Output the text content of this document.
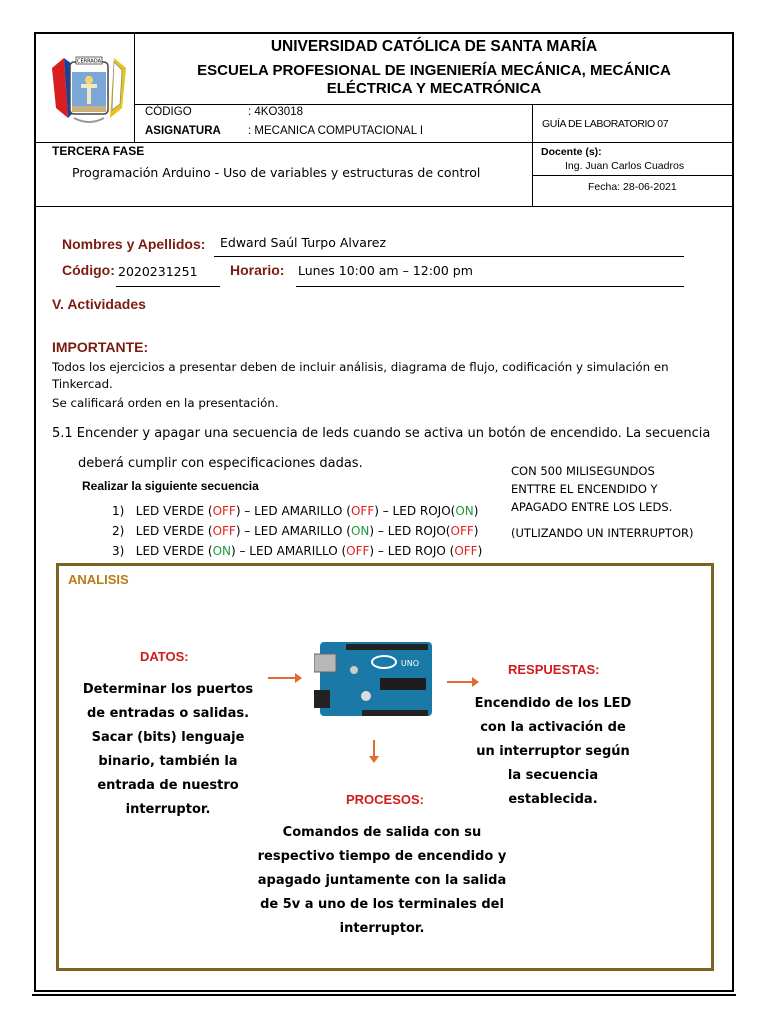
CERRADA
UNIVERSIDAD CATÓLICA DE SANTA MARÍA
ESCUELA PROFESIONAL DE INGENIERÍA MECÁNICA, MECÁNICA
ELÉCTRICA Y MECATRÓNICA
CÓDIGO	: 4KO3018
ASIGNATURA : MECANICA COMPUTACIONAL I
GUÍA DE LABORATORIO 07
TERCERA FASE
Programación Arduino - Uso de variables y estructuras de control
Docente (s):
Ing. Juan Carlos Cuadros
Fecha: 28-06-2021
Nombres y Apellidos: Edward Saúl Turpo Alvarez
Código: 2020231251 Horario: Lunes 10:00 am – 12:00 pm
V. Actividades
IMPORTANTE:
Todos los ejercicios a presentar deben de incluir análisis, diagrama de flujo, codificación y simulación en
Tinkercad.
Se calificará orden en la presentación.
5.1 Encender y apagar una secuencia de leds cuando se activa un botón de encendido. La secuencia
deberá cumplir con especificaciones dadas.
Realizar la siguiente secuencia
CON 500 MILISEGUNDOS
ENTTRE EL ENCENDIDO Y
APAGADO ENTRE LOS LEDS.
(UTLIZANDO UN INTERRUPTOR)
1) LED VERDE (OFF) – LED AMARILLO (OFF) – LED ROJO(ON)
2) LED VERDE (OFF) – LED AMARILLO (ON) – LED ROJO(OFF)
3) LED VERDE (ON) – LED AMARILLO (OFF) – LED ROJO (OFF)
ANALISIS
DATOS:
Determinar los puertos
de entradas o salidas.
Sacar (bits) lenguaje
binario, también la
entrada de nuestro
interruptor.
UNO	RESPUESTAS:
Encendido de los LED
con la activación de
un interruptor según
la secuencia
establecida.
PROCESOS:
Comandos de salida con su
respectivo tiempo de encendido y
apagado juntamente con la salida
de 5v a uno de los terminales del
interruptor.
